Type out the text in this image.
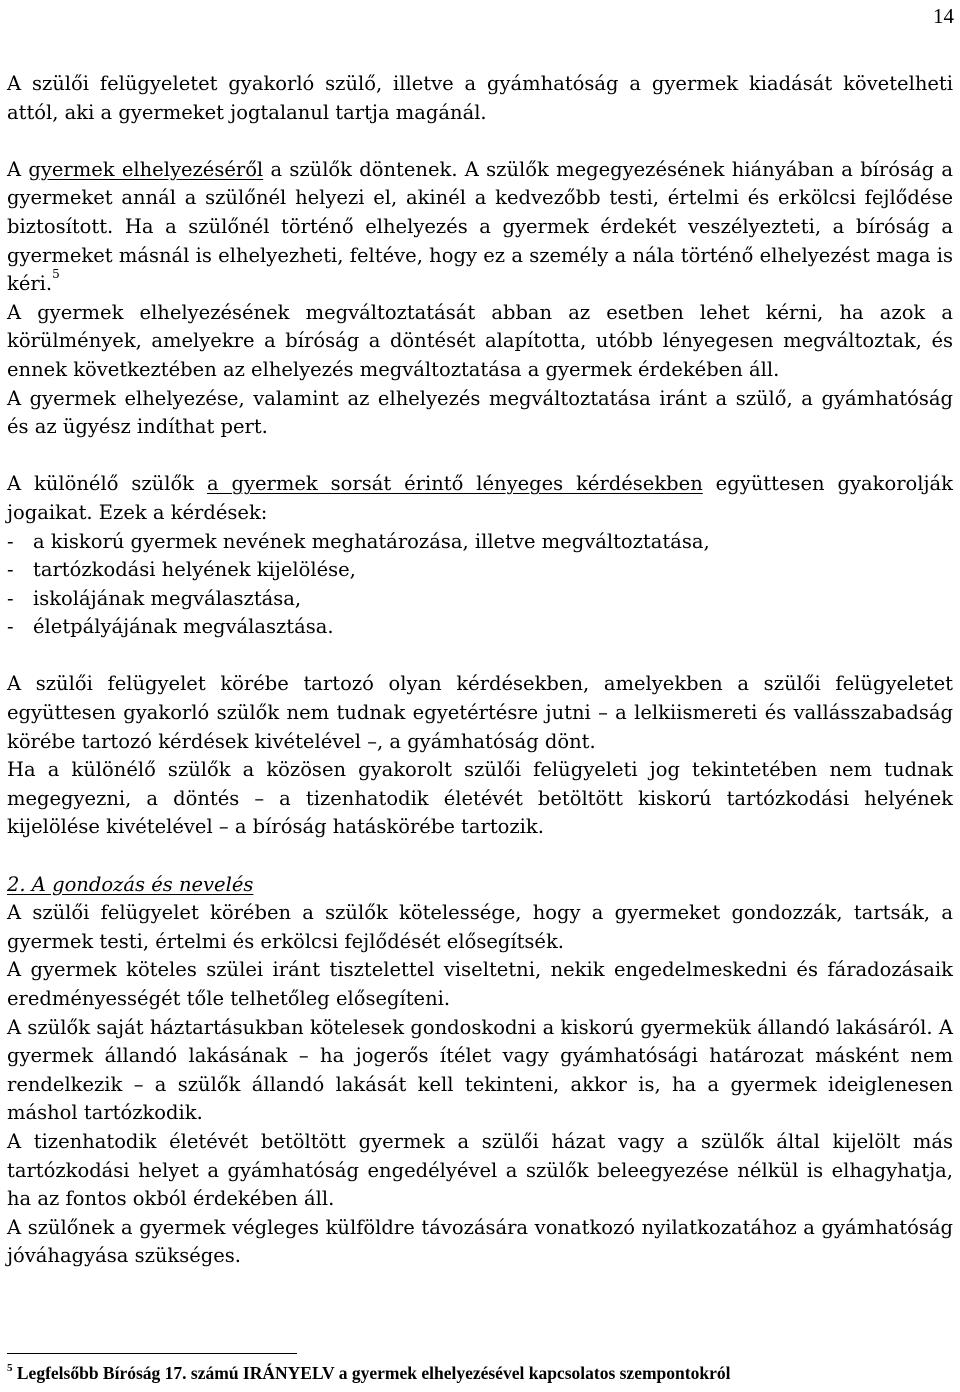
14

A szülői felügyeletet gyakorló szülő, illetve a gyámhatóság a gyermek kiadását követelheti attól, aki a gyermeket jogtalanul tartja magánál.

A gyermek elhelyezéséről a szülők döntenek. A szülők megegyezésének hiányában a bíróság a gyermeket annál a szülőnél helyezi el, akinél a kedvezőbb testi, értelmi és erkölcsi fejlődése biztosított. Ha a szülőnél történő elhelyezés a gyermek érdekét veszélyezteti, a bíróság a gyermeket másnál is elhelyezheti, feltéve, hogy ez a személy a nála történő elhelyezést maga is kéri.$^5$

A gyermek elhelyezésének megváltoztatását abban az esetben lehet kérni, ha azok a körülmények, amelyekre a bíróság a döntését alapította, utóbb lényegesen megváltoztak, és ennek következtében az elhelyezés megváltoztatása a gyermek érdekében áll.

A gyermek elhelyezése, valamint az elhelyezés megváltoztatása iránt a szülő, a gyámhatóság és az ügyész indíthat pert.

A különélő szülők a gyermek sorsát érintő lényeges kérdésekben együttesen gyakorolják jogaikat. Ezek a kérdések:

- a kiskorú gyermek nevének meghatározása, illetve megváltoztatása,
- tartózkodási helyének kijelölése,
- iskolájának megválasztása,
- életpályájának megválasztása.

A szülői felügyelet körébe tartozó olyan kérdésekben, amelyekben a szülői felügyeletet együttesen gyakorló szülők nem tudnak egyetértésre jutni – a lelkiismereti és vallásszabadság körébe tartozó kérdések kivételével –, a gyámhatóság dönt.

Ha a különélő szülők a közösen gyakorolt szülői felügyeleti jog tekintetében nem tudnak megegyezni, a döntés – a tizenhatodik életévét betöltött kiskorú tartózkodási helyének kijelölése kivételével – a bíróság hatáskörébe tartozik.

2. A gondozás és nevelés

A szülői felügyelet körében a szülők kötelessége, hogy a gyermeket gondozzák, tartsák, a gyermek testi, értelmi és erkölcsi fejlődését elősegítsék.

A gyermek köteles szülei iránt tisztelettel viseltetni, nekik engedelmeskedni és fáradozásaik eredményességét tőle telhetőleg elősegíteni.

A szülők saját háztartásukban kötelesek gondoskodni a kiskorú gyermekük állandó lakásáról. A gyermek állandó lakásának – ha jogerős ítélet vagy gyámhatósági határozat másként nem rendelkezik – a szülők állandó lakását kell tekinteni, akkor is, ha a gyermek ideiglenesen máshol tartózkodik.

A tizenhatodik életévét betöltött gyermek a szülői házat vagy a szülők által kijelölt más tartózkodási helyet a gyámhatóság engedélyével a szülők beleegyezése nélkül is elhagyhatja, ha az fontos okból érdekében áll.

A szülőnek a gyermek végleges külföldre távozására vonatkozó nyilatkozatához a gyámhatóság jóváhagyása szükséges.

$^5$ Legfelsőbb Bíróság 17. számú IRÁNYELV a gyermek elhelyezésével kapcsolatos szempontokról
